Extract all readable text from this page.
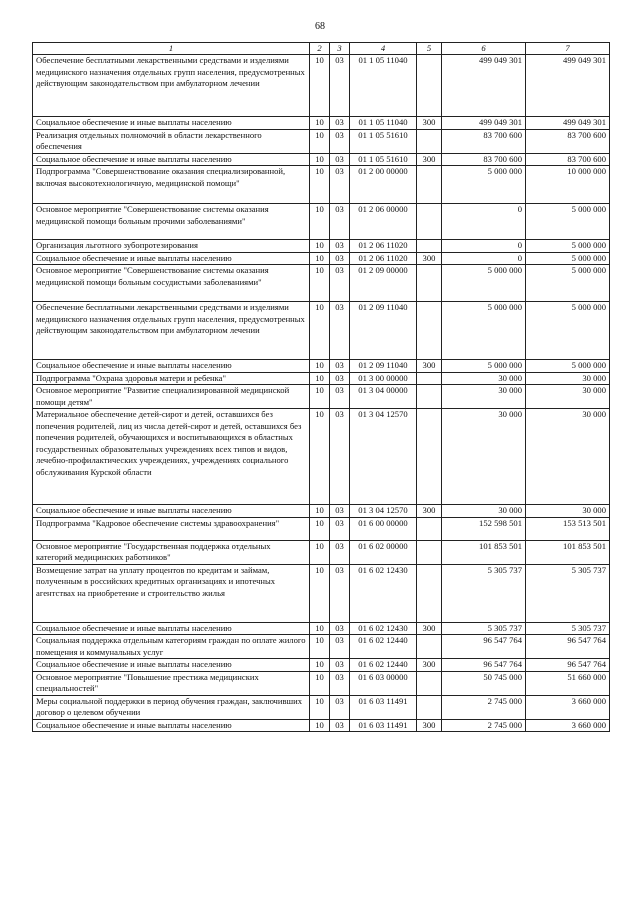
68
1	2	3	4	5	6	7
Обеспечение бесплатными лекарственными средствами и изделиями медицинского назначения отдельных групп населения, предусмотренных действующим законодательством при амбулаторном лечении	10	03	01 1 05 11040		499 049 301	499 049 301
Социальное обеспечение и иные выплаты населению	10	03	01 1 05 11040	300	499 049 301	499 049 301
Реализация отдельных полномочий в области лекарственного обеспечения	10	03	01 1 05 51610		83 700 600	83 700 600
Социальное обеспечение и иные выплаты населению	10	03	01 1 05 51610	300	83 700 600	83 700 600
Подпрограмма "Совершенствование оказания специализированной, включая высокотехнологичную, медицинской помощи"	10	03	01 2 00 00000		5 000 000	10 000 000
Основное мероприятие "Совершенствование системы оказания медицинской помощи больным прочими заболеваниями"	10	03	01 2 06 00000		0	5 000 000
Организация льготного зубопротезирования	10	03	01 2 06 11020		0	5 000 000
Социальное обеспечение и иные выплаты населению	10	03	01 2 06 11020	300	0	5 000 000
Основное мероприятие "Совершенствование системы оказания медицинской помощи больным сосудистыми заболеваниями"	10	03	01 2 09 00000		5 000 000	5 000 000
Обеспечение бесплатными лекарственными средствами и изделиями медицинского назначения отдельных групп населения, предусмотренных действующим законодательством при амбулаторном лечении	10	03	01 2 09 11040		5 000 000	5 000 000
Социальное обеспечение и иные выплаты населению	10	03	01 2 09 11040	300	5 000 000	5 000 000
Подпрограмма "Охрана здоровья матери и ребенка"	10	03	01 3 00 00000		30 000	30 000
Основное мероприятие "Развитие специализированной медицинской помощи детям"	10	03	01 3 04 00000		30 000	30 000
Материальное обеспечение детей-сирот и детей, оставшихся без попечения родителей, лиц из числа детей-сирот и детей, оставшихся без попечения родителей, обучающихся и воспитывающихся в областных государственных образовательных учреждениях всех типов и видов, лечебно-профилактических учреждениях, учреждениях социального обслуживания Курской области	10	03	01 3 04 12570		30 000	30 000
Социальное обеспечение и иные выплаты населению	10	03	01 3 04 12570	300	30 000	30 000
Подпрограмма "Кадровое обеспечение системы здравоохранения"	10	03	01 6 00 00000		152 598 501	153 513 501
Основное мероприятие "Государственная поддержка отдельных категорий медицинских работников"	10	03	01 6 02 00000		101 853 501	101 853 501
Возмещение затрат на уплату процентов по кредитам и займам, полученным в российских кредитных организациях и ипотечных агентствах на приобретение и строительство жилья	10	03	01 6 02 12430		5 305 737	5 305 737
Социальное обеспечение и иные выплаты населению	10	03	01 6 02 12430	300	5 305 737	5 305 737
Социальная поддержка отдельным категориям граждан по оплате жилого помещения и коммунальных услуг	10	03	01 6 02 12440		96 547 764	96 547 764
Социальное обеспечение и иные выплаты населению	10	03	01 6 02 12440	300	96 547 764	96 547 764
Основное мероприятие "Повышение престижа медицинских специальностей"	10	03	01 6 03 00000		50 745 000	51 660 000
Меры социальной поддержки в период обучения граждан, заключивших договор о целевом обучении	10	03	01 6 03 11491		2 745 000	3 660 000
Социальное обеспечение и иные выплаты населению	10	03	01 6 03 11491	300	2 745 000	3 660 000
